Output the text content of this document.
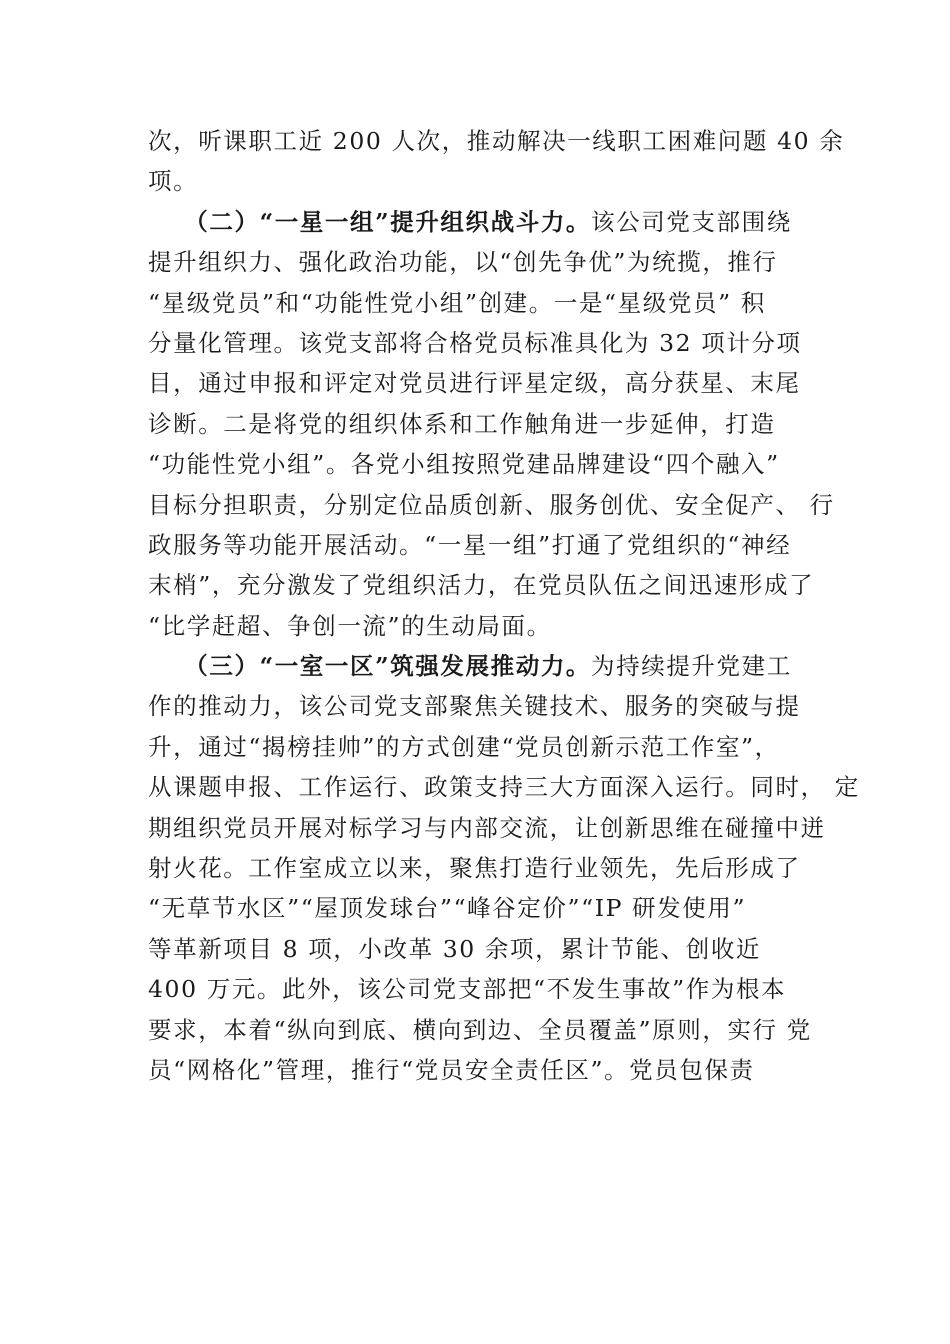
次，听课职工近 200 人次，推动解决一线职工困难问题 40 余
项。
（二）“一星一组”提升组织战斗力。该公司党支部围绕
提升组织力、强化政治功能，以“创先争优”为统揽，推行
“星级党员”和“功能性党小组”创建。一是“星级党员” 积
分量化管理。该党支部将合格党员标准具化为 32 项计分项
目，通过申报和评定对党员进行评星定级，高分获星、末尾
诊断。二是将党的组织体系和工作触角进一步延伸，打造
“功能性党小组”。各党小组按照党建品牌建设“四个融入”
目标分担职责，分别定位品质创新、服务创优、安全促产、 行
政服务等功能开展活动。“一星一组”打通了党组织的“神经
末梢”，充分激发了党组织活力，在党员队伍之间迅速形成了
“比学赶超、争创一流”的生动局面。
（三）“一室一区”筑强发展推动力。为持续提升党建工
作的推动力，该公司党支部聚焦关键技术、服务的突破与提
升，通过“揭榜挂帅”的方式创建“党员创新示范工作室”，
从课题申报、工作运行、政策支持三大方面深入运行。同时， 定
期组织党员开展对标学习与内部交流，让创新思维在碰撞中迸
射火花。工作室成立以来，聚焦打造行业领先，先后形成了
“无草节水区”“屋顶发球台”“峰谷定价”“IP 研发使用”
等革新项目 8 项，小改革 30 余项，累计节能、创收近
400 万元。此外，该公司党支部把“不发生事故”作为根本
要求，本着“纵向到底、横向到边、全员覆盖”原则，实行 党
员“网格化”管理，推行“党员安全责任区”。党员包保责
